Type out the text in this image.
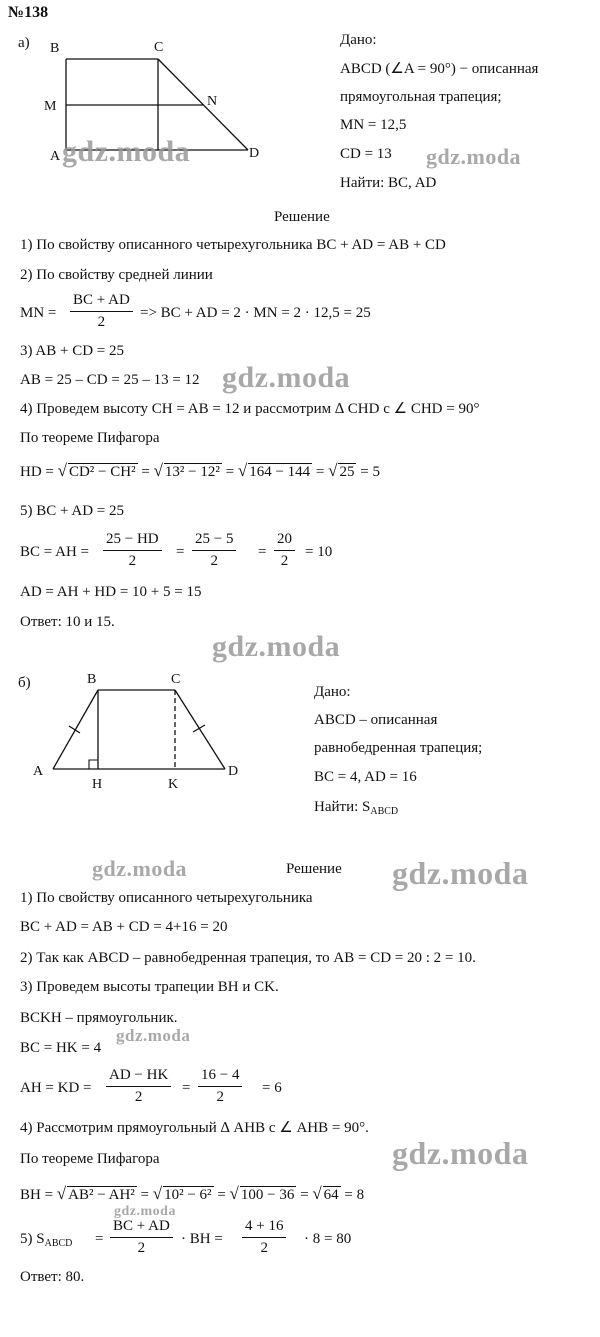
№138
а) B	C
M	N
A	D
Дано:
ABCD (∠A = 90°) − описанная
прямоугольная трапеция;
MN = 12,5
CD = 13
Найти: BC, AD
Решение
1) По свойству описанного четырехугольника BC + AD = AB + CD
2) По свойству средней линии
MN = $\frac{BC + AD}{2}$ => BC + AD = 2 · MN = 2 · 12,5 = 25
3) AB + CD = 25
AB = 25 – CD = 25 – 13 = 12
4) Проведем высоту CH = AB = 12 и рассмотрим ∆ CHD с ∠ CHD = 90°
По теореме Пифагора
HD = √ CD² − CH² = √ 13² − 12² = √ 164 − 144 = √ 25 = 5
5) BC + AD = 25
BC = AH = $\frac{25 - HD}{2} = \frac{25 - 5}{2} = \frac{20}{2} = 10$
AD = AH + HD = 10 + 5 = 15
Ответ: 10 и 15.
б)	B	C
A
H	K
D
Дано:
ABCD – описанная
равнобедренная трапеция;
BC = 4, AD = 16
Найти: $S_{ABCD}$
Решение
1) По свойству описанного четырехугольника
BC + AD = AB + CD = 4+16 = 20
2) Так как ABCD – равнобедренная трапеция, то AB = CD = 20 : 2 = 10.
3) Проведем высоты трапеции BH и CK.
BCKH – прямоугольник.
BC = HK = 4
AH = KD = $\frac{AD - HK}{2} = \frac{16 - 4}{2} = 6$
4) Рассмотрим прямоугольный ∆ AHB с ∠ AHB = 90°.
По теореме Пифагора
BH = √ AB² − AH² = √ 10² − 6² = √ 100 − 36 = √ 64 = 8
5) $S_{ABCD} = \frac{BC + AD}{2}$ · BH = $\frac{4 + 16}{2} \cdot 8 = 80$
Ответ: 80.
gdz.moda	gdz.moda
gdz.moda
gdz.moda
gdz.moda	gdz.moda
gdz.moda
gdz.moda
gdz.moda
